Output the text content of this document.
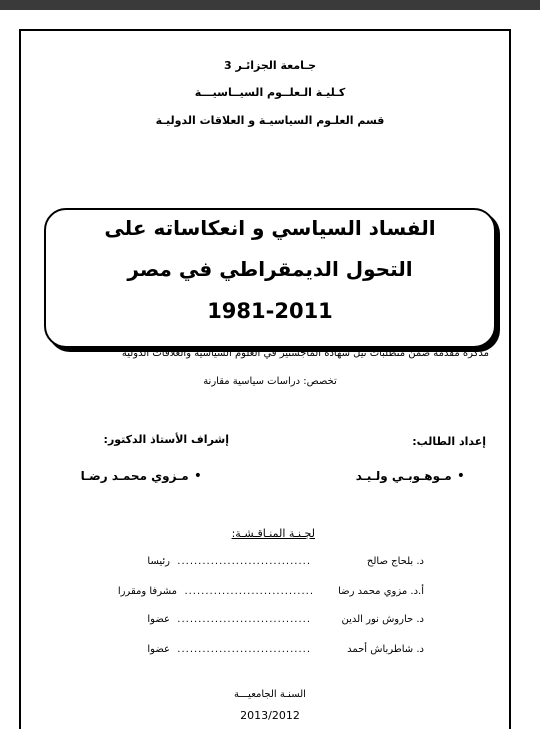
جـامعة الجزائـر 3
كـليـة الـعلــوم السيــاسيـــة
قسم العلـوم السياسيـة و العلاقات الدوليـة
الفساد السياسي و انعكاساته على
التحول الديمقراطي في مصر
1981-2011
مذكرة مقدمة ضمن متطلبات نيل شهادة الماجستير في العلوم السياسية والعلاقات الدولية
تخصص: دراسات سياسية مقارنة
إعداد الطالب:
• مـوهـوبـي ولـيـد
إشراف الأستاذ الدكتور:
• مـزوي محمـد رضـا
لجـنـة المنـاقـشـة:
د. بلحاج صالح
................................
رئيسا
أ.د. مزوي محمد رضا
...............................
مشرفا ومقررا
د. حاروش نور الدين
................................
عضوا
د. شاطرباش أحمد
................................
عضوا
السنـة الجامعيـــة
2013/2012
